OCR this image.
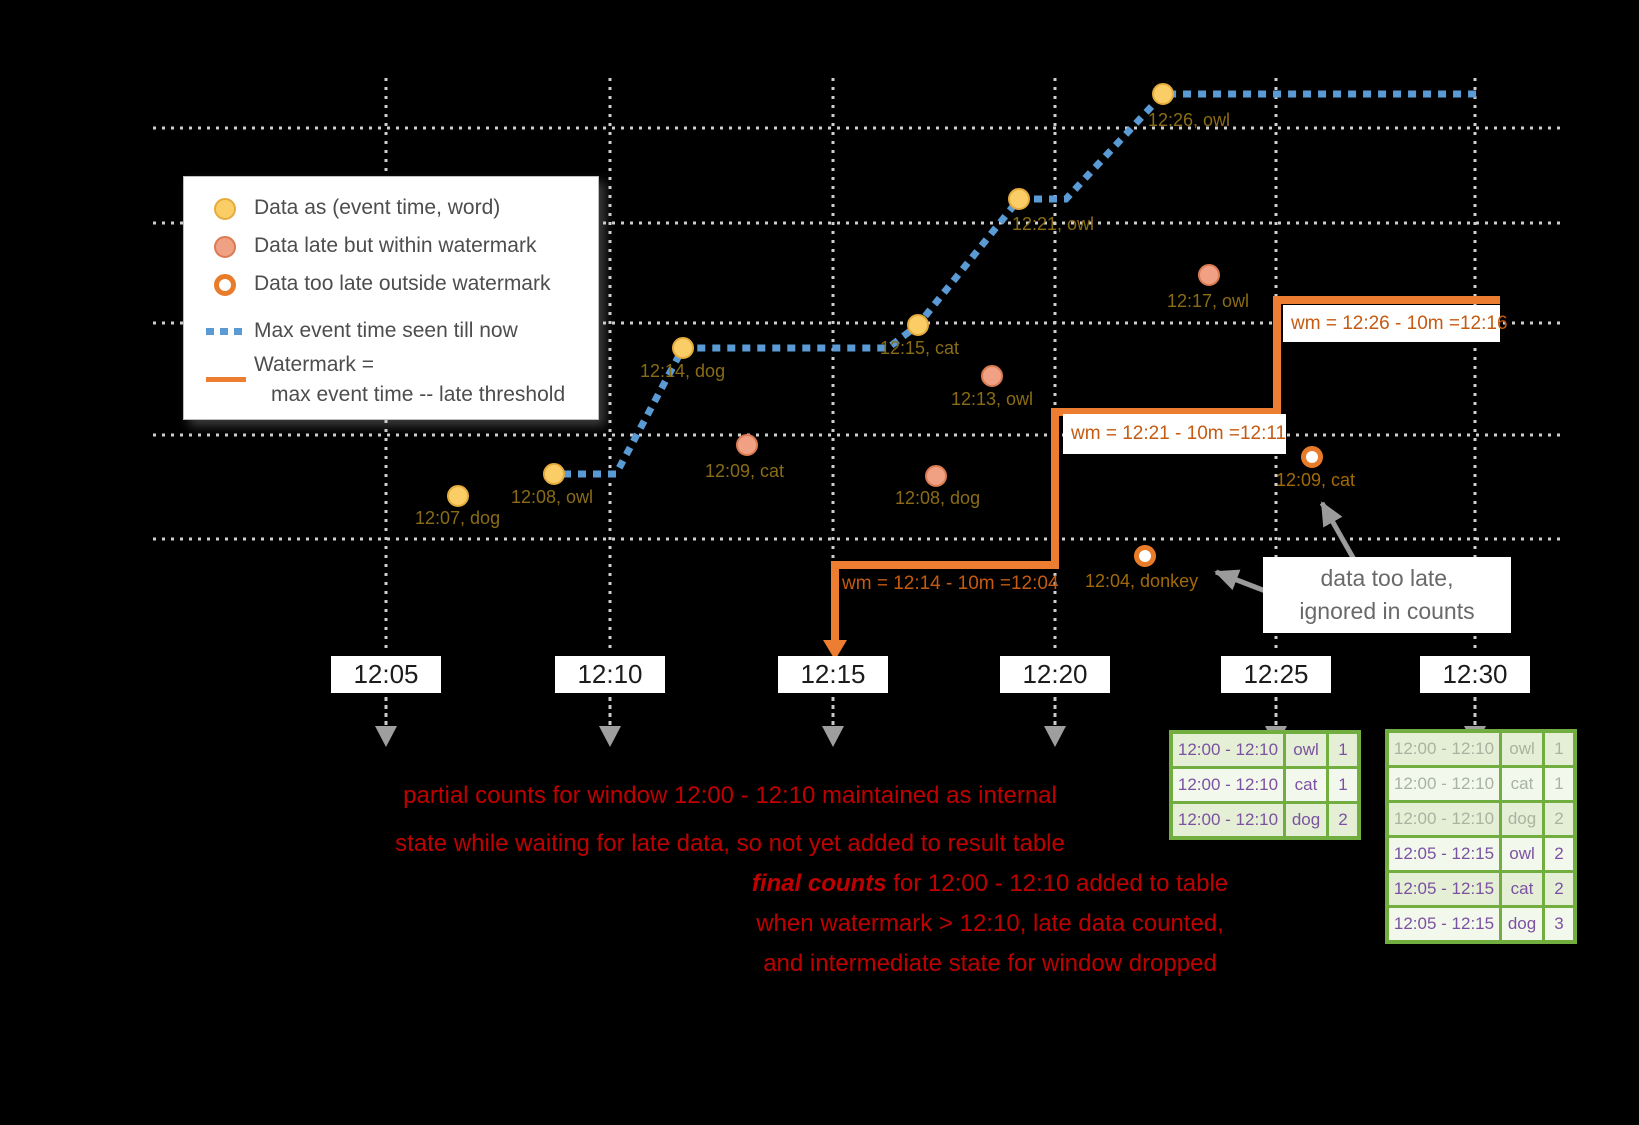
Data as (event time, word)
Data late but within watermark
Data too late outside watermark
Max event time seen till now
Watermark =
max event time -- late threshold
12:05	12:10	12:15	12:20	12:25	12:30
wm = 12:14 - 10m =12:04
wm = 12:21 - 10m =12:11
wm = 12:26 - 10m =12:16
12:07, dog
12:08, owl
12:14, dog
12:15, cat
12:21, owl
12:26, owl
12:09, cat
12:13, owl
12:08, dog
12:17, owl
12:04, donkey
12:09, cat
12:00 - 12:10	owl	1
12:00 - 12:10	cat	1
12:00 - 12:10	dog	2
12:00 - 12:10	owl	1
12:00 - 12:10	cat	1
12:00 - 12:10	dog	2
12:05 - 12:15	owl	2
12:05 - 12:15	cat	2
12:05 - 12:15	dog	3
partial counts for window 12:00 - 12:10 maintained as internal
state while waiting for late data, so not yet added to result table
final counts for 12:00 - 12:10 added to table
when watermark > 12:10, late data counted,
and intermediate state for window dropped
data too late,
ignored in counts
